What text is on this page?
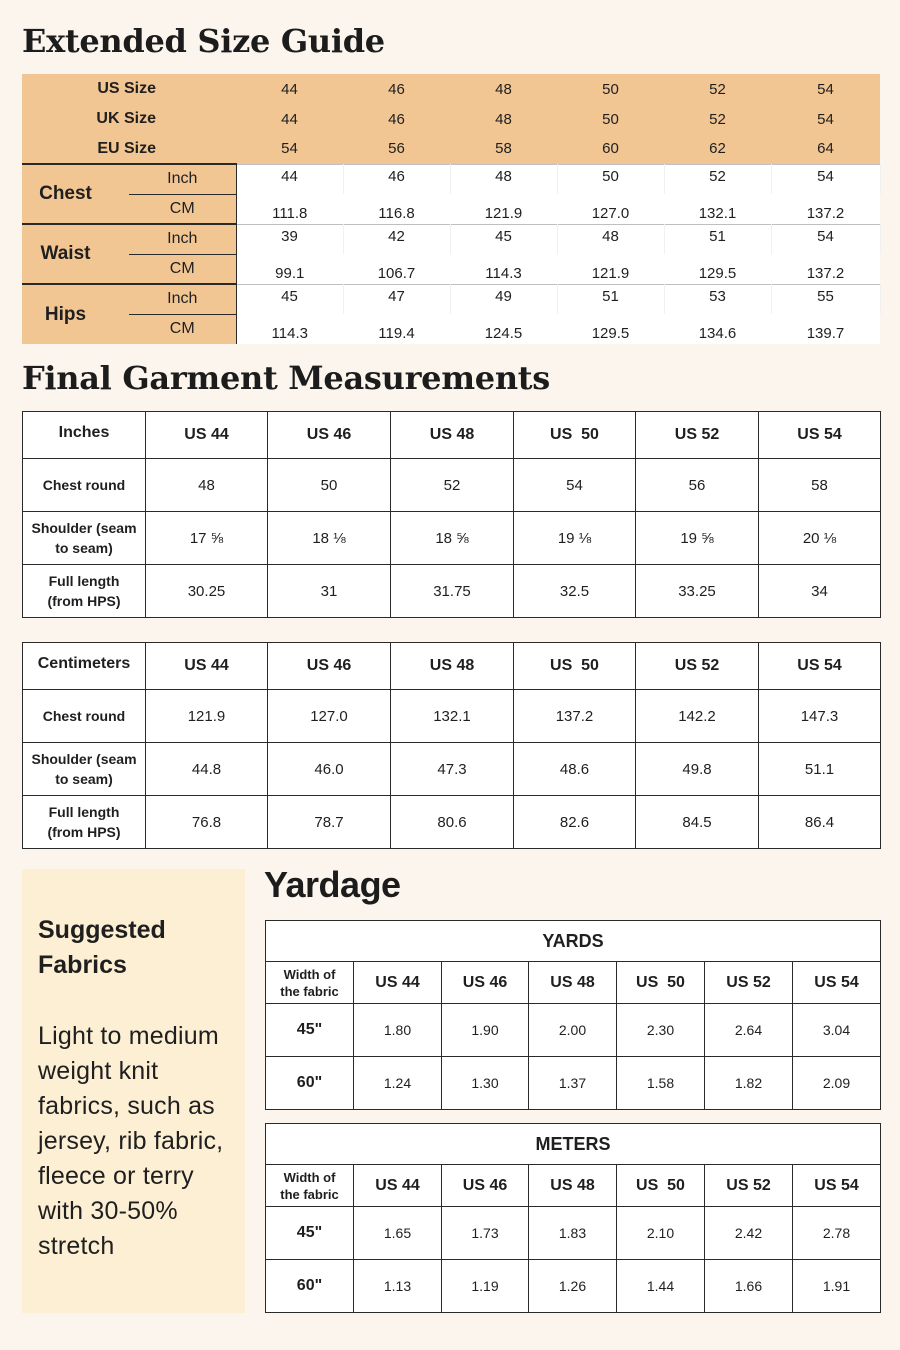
Extended Size Guide
US Size		44	46	48	50	52	54
UK Size		44	46	48	50	52	54
EU Size		54	56	58	60	62	64
Chest	Inch	44	46	48	50	52	54
	CM	111.8	116.8	121.9	127.0	132.1	137.2
Waist	Inch	39	42	45	48	51	54
	CM	99.1	106.7	114.3	121.9	129.5	137.2
Hips	Inch	45	47	49	51	53	55
	CM	114.3	119.4	124.5	129.5	134.6	139.7
Final Garment Measurements
Inches	US 44	US 46	US 48	US  50	US 52	US 54
Chest round	48	50	52	54	56	58
Shoulder (seam
to seam)	17 ⅝	18 ⅛	18 ⅝	19 ⅛	19 ⅝	20 ⅛
Full length
(from HPS)	30.25	31	31.75	32.5	33.25	34
Centimeters	US 44	US 46	US 48	US  50	US 52	US 54
Chest round	121.9	127.0	132.1	137.2	142.2	147.3
Shoulder (seam
to seam)	44.8	46.0	47.3	48.6	49.8	51.1
Full length
(from HPS)	76.8	78.7	80.6	82.6	84.5	86.4
Suggested Fabrics
Light to medium weight knit fabrics, such as jersey, rib fabric, fleece or terry with 30-50% stretch
Yardage
YARDS						
Width of
the fabric	US 44	US 46	US 48	US  50	US 52	US 54
45"	1.80	1.90	2.00	2.30	2.64	3.04
60"	1.24	1.30	1.37	1.58	1.82	2.09
METERS						
Width of
the fabric	US 44	US 46	US 48	US  50	US 52	US 54
45"	1.65	1.73	1.83	2.10	2.42	2.78
60"	1.13	1.19	1.26	1.44	1.66	1.91
